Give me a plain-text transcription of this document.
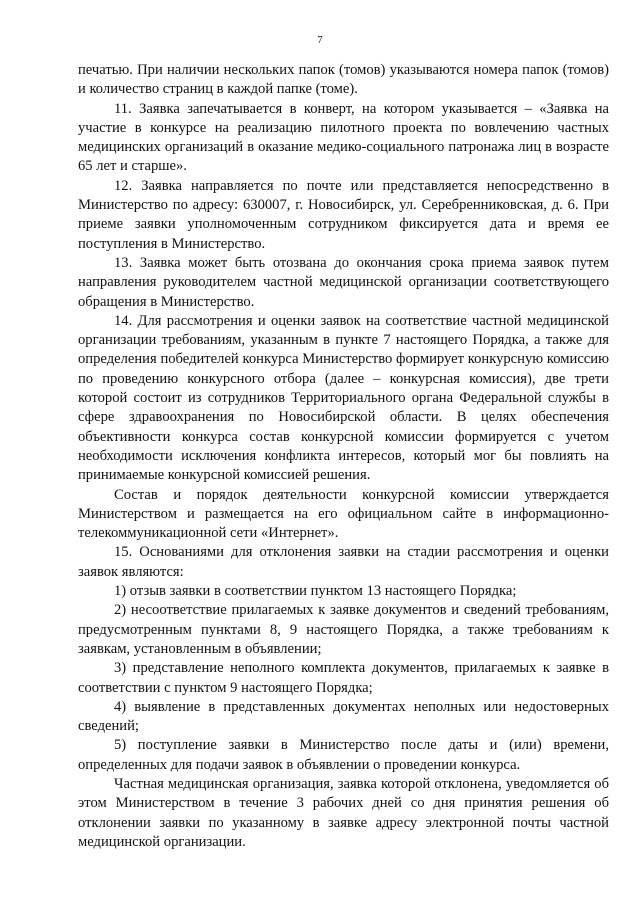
7

печатью. При наличии нескольких папок (томов) указываются номера папок (томов) и количество страниц в каждой папке (томе).

11. Заявка запечатывается в конверт, на котором указывается – «Заявка на участие в конкурсе на реализацию пилотного проекта по вовлечению частных медицинских организаций в оказание медико-социального патронажа лиц в возрасте 65 лет и старше».

12. Заявка направляется по почте или представляется непосредственно в Министерство по адресу: 630007, г. Новосибирск, ул. Серебренниковская, д. 6. При приеме заявки уполномоченным сотрудником фиксируется дата и время ее поступления в Министерство.

13. Заявка может быть отозвана до окончания срока приема заявок путем направления руководителем частной медицинской организации соответствующего обращения в Министерство.

14. Для рассмотрения и оценки заявок на соответствие частной медицинской организации требованиям, указанным в пункте 7 настоящего Порядка, а также для определения победителей конкурса Министерство формирует конкурсную комиссию по проведению конкурсного отбора (далее – конкурсная комиссия), две трети которой состоит из сотрудников Территориального органа Федеральной службы в сфере здравоохранения по Новосибирской области. В целях обеспечения объективности конкурса состав конкурсной комиссии формируется с учетом необходимости исключения конфликта интересов, который мог бы повлиять на принимаемые конкурсной комиссией решения.

Состав и порядок деятельности конкурсной комиссии утверждается Министерством и размещается на его официальном сайте в информационно-телекоммуникационной сети «Интернет».

15. Основаниями для отклонения заявки на стадии рассмотрения и оценки заявок являются:

1) отзыв заявки в соответствии пунктом 13 настоящего Порядка;

2) несоответствие прилагаемых к заявке документов и сведений требованиям, предусмотренным пунктами 8, 9 настоящего Порядка, а также требованиям к заявкам, установленным в объявлении;

3) представление неполного комплекта документов, прилагаемых к заявке в соответствии с пунктом 9 настоящего Порядка;

4) выявление в представленных документах неполных или недостоверных сведений;

5) поступление заявки в Министерство после даты и (или) времени, определенных для подачи заявок в объявлении о проведении конкурса.

Частная медицинская организация, заявка которой отклонена, уведомляется об этом Министерством в течение 3 рабочих дней со дня принятия решения об отклонении заявки по указанному в заявке адресу электронной почты частной медицинской организации.
